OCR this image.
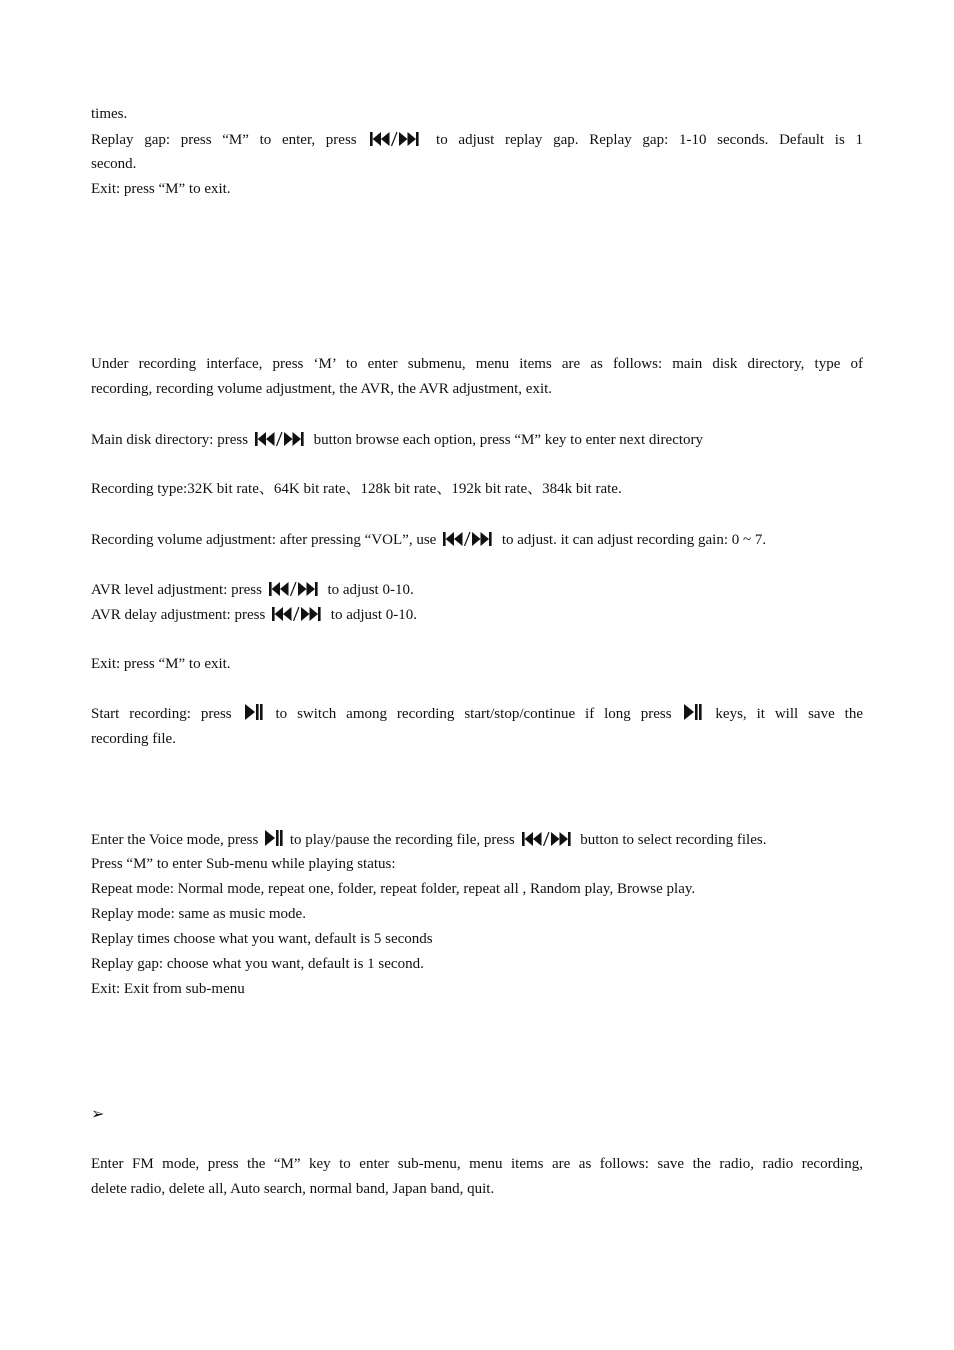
times.
Replay gap: press “M” to enter, press	to adjust replay gap. Replay gap: 1-10 seconds. Default is 1
second.
Exit: press “M” to exit.
Under recording interface, press ‘M’ to enter submenu, menu items are as follows: main disk directory, type of
recording, recording volume adjustment, the AVR, the AVR adjustment, exit.
Main disk directory: press	button browse each option, press “M” key to enter next directory
Recording type:32K bit rate、64K bit rate、128k bit rate、192k bit rate、384k bit rate.
Recording volume adjustment: after pressing “VOL”, use	to adjust. it can adjust recording gain: 0 ~ 7.
AVR level adjustment: press	to adjust 0-10.
AVR delay adjustment: press	to adjust 0-10.
Exit: press “M” to exit.
Start recording: press	to switch among recording start/stop/continue if long press	keys, it will save the
recording file.
Enter the Voice mode, press to play/pause the recording file, press	button to select recording files.
Press “M” to enter Sub-menu while playing status:
Repeat mode: Normal mode, repeat one, folder, repeat folder, repeat all , Random play, Browse play.
Replay mode: same as music mode.
Replay times choose what you want, default is 5 seconds
Replay gap: choose what you want, default is 1 second.
Exit: Exit from sub-menu
➢
Enter FM mode, press the “M” key to enter sub-menu, menu items are as follows: save the radio, radio recording,
delete radio, delete all, Auto search, normal band, Japan band, quit.
